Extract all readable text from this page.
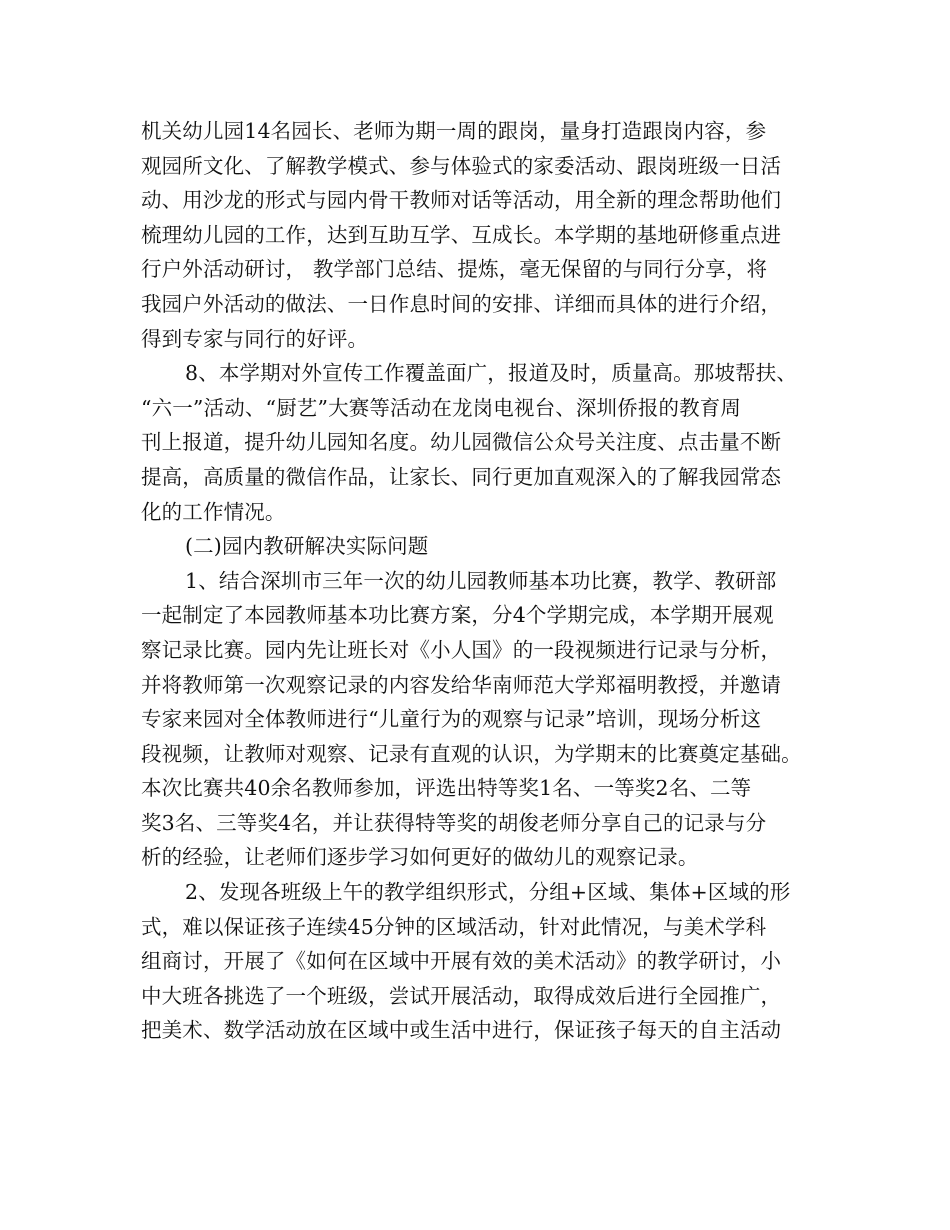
机关幼儿园14名园长、老师为期一周的跟岗，量身打造跟岗内容，参
观园所文化、了解教学模式、参与体验式的家委活动、跟岗班级一日活
动、用沙龙的形式与园内骨干教师对话等活动，用全新的理念帮助他们
梳理幼儿园的工作，达到互助互学、互成长。本学期的基地研修重点进
行户外活动研讨， 教学部门总结、提炼，毫无保留的与同行分享，将
我园户外活动的做法、一日作息时间的安排、详细而具体的进行介绍，
得到专家与同行的好评。
8、本学期对外宣传工作覆盖面广，报道及时，质量高。那坡帮扶、
“六一”活动、“厨艺”大赛等活动在龙岗电视台、深圳侨报的教育周
刊上报道，提升幼儿园知名度。幼儿园微信公众号关注度、点击量不断
提高，高质量的微信作品，让家长、同行更加直观深入的了解我园常态
化的工作情况。
(二)园内教研解决实际问题
1、结合深圳市三年一次的幼儿园教师基本功比赛，教学、教研部
一起制定了本园教师基本功比赛方案，分4个学期完成，本学期开展观
察记录比赛。园内先让班长对《小人国》的一段视频进行记录与分析，
并将教师第一次观察记录的内容发给华南师范大学郑福明教授，并邀请
专家来园对全体教师进行“儿童行为的观察与记录”培训，现场分析这
段视频，让教师对观察、记录有直观的认识，为学期末的比赛奠定基础。
本次比赛共40余名教师参加，评选出特等奖1名、一等奖2名、二等
奖3名、三等奖4名，并让获得特等奖的胡俊老师分享自己的记录与分
析的经验，让老师们逐步学习如何更好的做幼儿的观察记录。
2、发现各班级上午的教学组织形式，分组+区域、集体+区域的形
式，难以保证孩子连续45分钟的区域活动，针对此情况，与美术学科
组商讨，开展了《如何在区域中开展有效的美术活动》的教学研讨，小
中大班各挑选了一个班级，尝试开展活动，取得成效后进行全园推广，
把美术、数学活动放在区域中或生活中进行，保证孩子每天的自主活动
